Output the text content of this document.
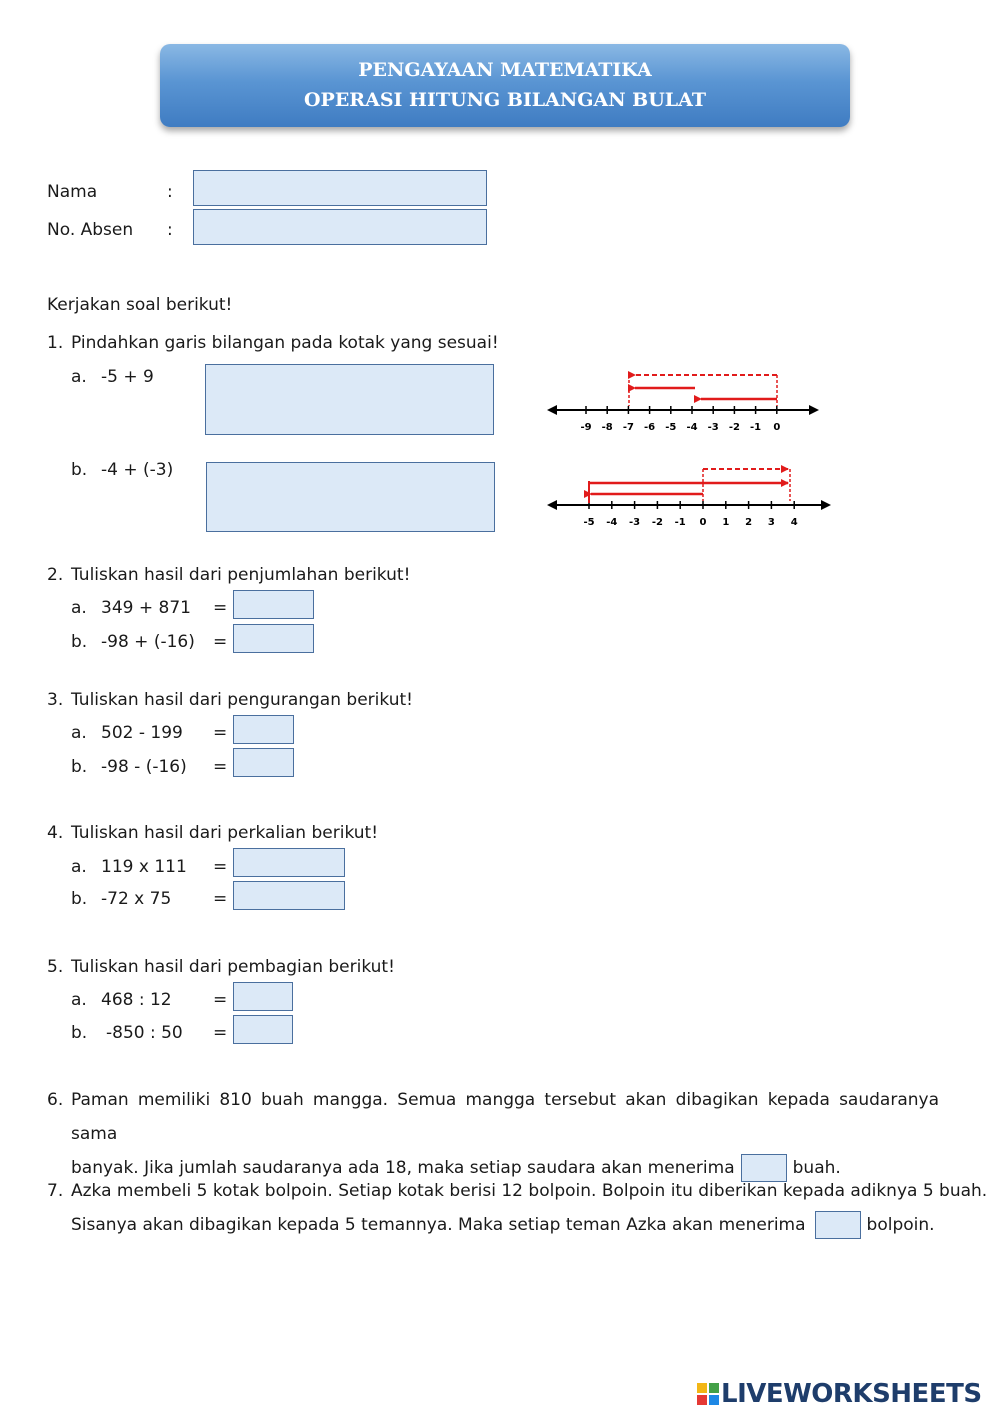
PENGAYAAN MATEMATIKA
OPERASI HITUNG BILANGAN BULAT
Nama	:
No. Absen :
Kerjakan soal berikut!
1. Pindahkan garis bilangan pada kotak yang sesuai!
a. -5 + 9
b. -4 + (-3)
-9 -8 -7 -6 -5 -4 -3 -2 -1 0
-5 -4 -3 -2 -1 0 1 2 3 4
2. Tuliskan hasil dari penjumlahan berikut!
a. 349 + 871 =
b. -98 + (-16) =
3. Tuliskan hasil dari pengurangan berikut!
a. 502 - 199 =
b. -98 - (-16) =
4. Tuliskan hasil dari perkalian berikut!
a. 119 x 111 =
b. -72 x 75 =
5. Tuliskan hasil dari pembagian berikut!
a. 468 : 12 =
b. -850 : 50 =
6. Paman memiliki 810 buah mangga. Semua mangga tersebut akan dibagikan kepada saudaranya sama
banyak. Jika jumlah saudaranya ada 18, maka setiap saudara akan menerima	buah.
7. Azka membeli 5 kotak bolpoin. Setiap kotak berisi 12 bolpoin. Bolpoin itu diberikan kepada adiknya 5 buah.
Sisanya akan dibagikan kepada 5 temannya. Maka setiap teman Azka akan menerima	bolpoin.
LIVEWORKSHEETS
